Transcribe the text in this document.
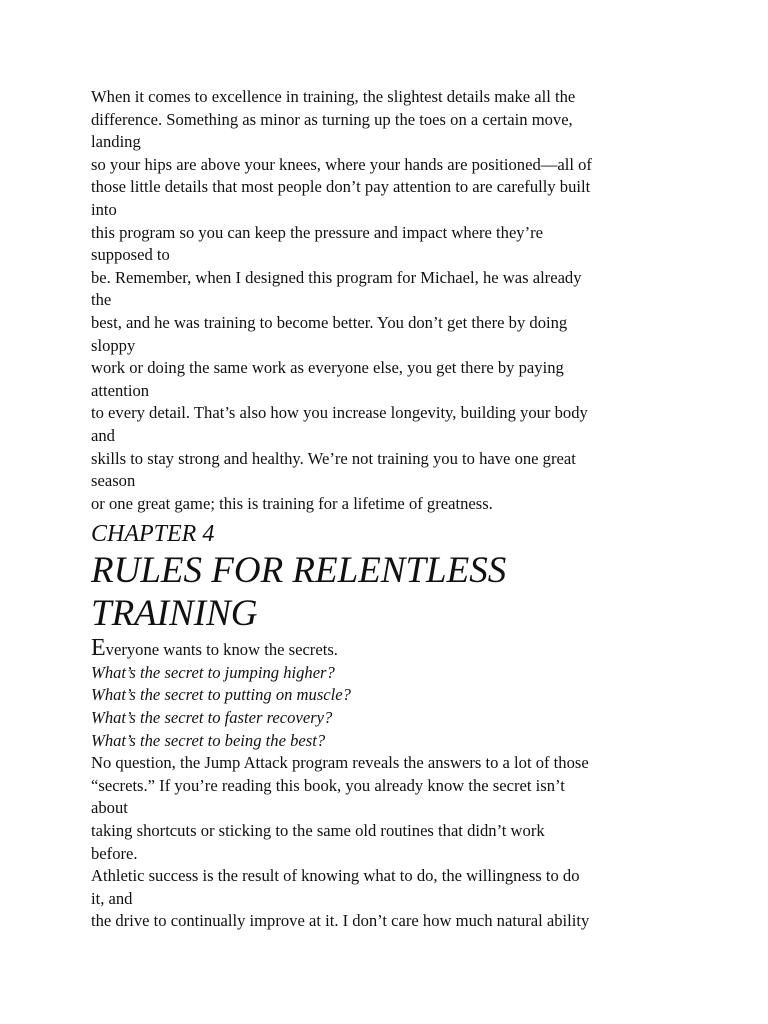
When it comes to excellence in training, the slightest details make all the
difference. Something as minor as turning up the toes on a certain move,
landing
so your hips are above your knees, where your hands are positioned—all of
those little details that most people don’t pay attention to are carefully built
into
this program so you can keep the pressure and impact where they’re
supposed to
be. Remember, when I designed this program for Michael, he was already
the
best, and he was training to become better. You don’t get there by doing
sloppy
work or doing the same work as everyone else, you get there by paying
attention
to every detail. That’s also how you increase longevity, building your body
and
skills to stay strong and healthy. We’re not training you to have one great
season
or one great game; this is training for a lifetime of greatness.
CHAPTER 4
RULES FOR RELENTLESS
TRAINING
Everyone wants to know the secrets.
What’s the secret to jumping higher?
What’s the secret to putting on muscle?
What’s the secret to faster recovery?
What’s the secret to being the best?
No question, the Jump Attack program reveals the answers to a lot of those
“secrets.” If you’re reading this book, you already know the secret isn’t
about
taking shortcuts or sticking to the same old routines that didn’t work
before.
Athletic success is the result of knowing what to do, the willingness to do
it, and
the drive to continually improve at it. I don’t care how much natural ability
